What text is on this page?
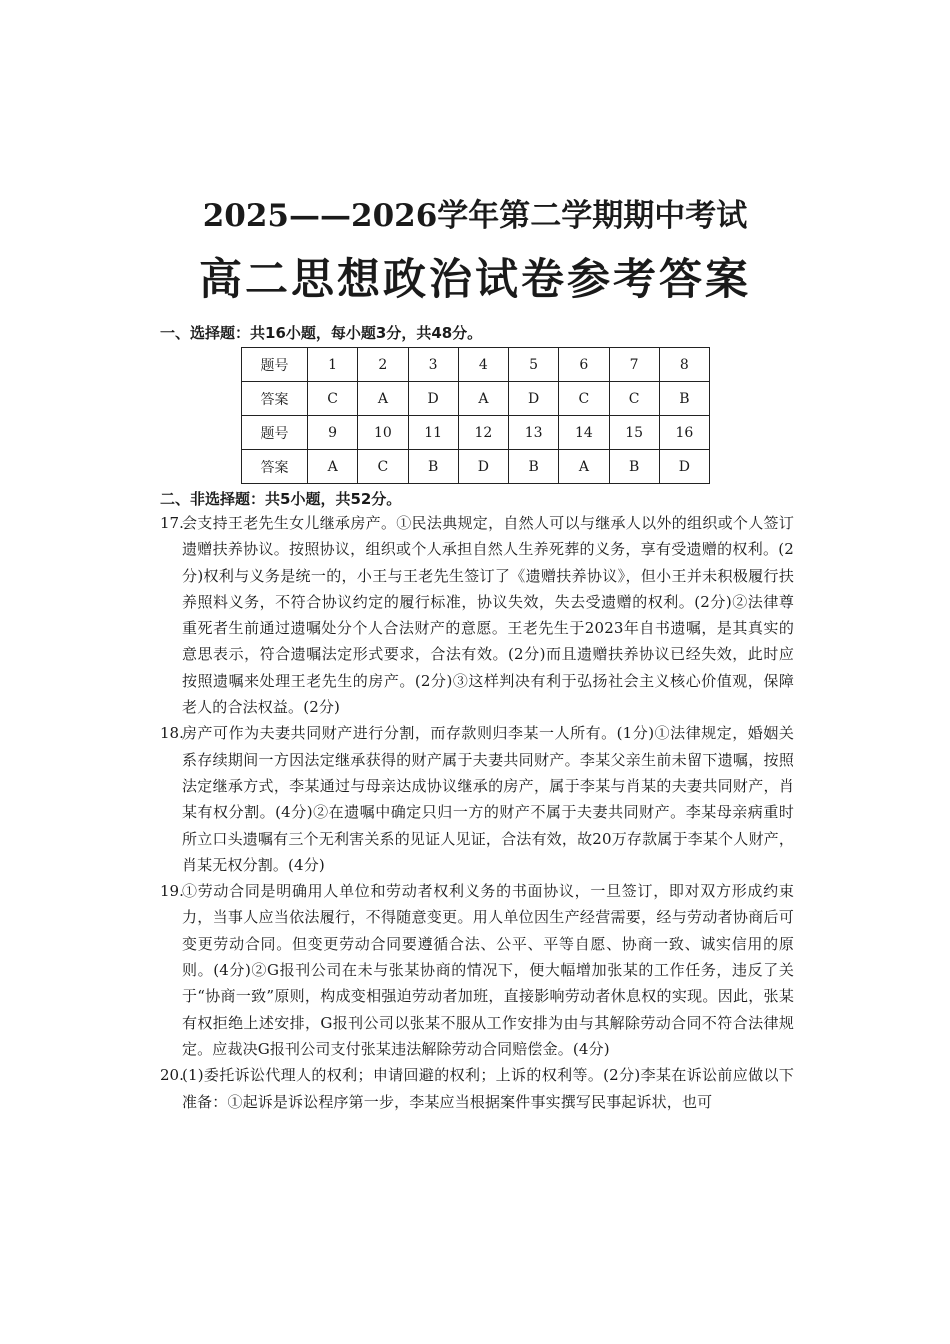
2025——2026学年第二学期期中考试
高二思想政治试卷参考答案
一、选择题：共16小题，每小题3分，共48分。
题号	1	2	3	4	5	6	7	8
答案	C	A	D	A	D	C	C	B
题号	9	10	11	12	13	14	15	16
答案	A	C	B	D	B	A	B	D
二、非选择题：共5小题，共52分。
17.
会支持王老先生女儿继承房产。①民法典规定，自然人可以与继承人以外的组织或个人签订遗赠扶养协议。按照协议，组织或个人承担自然人生养死葬的义务，享有受遗赠的权利。(2分)权利与义务是统一的，小王与王老先生签订了《遗赠扶养协议》，但小王并未积极履行扶养照料义务，不符合协议约定的履行标准，协议失效，失去受遗赠的权利。(2分)②法律尊重死者生前通过遗嘱处分个人合法财产的意愿。王老先生于2023年自书遗嘱，是其真实的意思表示，符合遗嘱法定形式要求，合法有效。(2分)而且遗赠扶养协议已经失效，此时应按照遗嘱来处理王老先生的房产。(2分)③这样判决有利于弘扬社会主义核心价值观，保障老人的合法权益。(2分)
18.
房产可作为夫妻共同财产进行分割，而存款则归李某一人所有。(1分)①法律规定，婚姻关系存续期间一方因法定继承获得的财产属于夫妻共同财产。李某父亲生前未留下遗嘱，按照法定继承方式，李某通过与母亲达成协议继承的房产，属于李某与肖某的夫妻共同财产，肖某有权分割。(4分)②在遗嘱中确定只归一方的财产不属于夫妻共同财产。李某母亲病重时所立口头遗嘱有三个无利害关系的见证人见证，合法有效，故20万存款属于李某个人财产，肖某无权分割。(4分)
19.
①劳动合同是明确用人单位和劳动者权利义务的书面协议，一旦签订，即对双方形成约束力，当事人应当依法履行，不得随意变更。用人单位因生产经营需要，经与劳动者协商后可变更劳动合同。但变更劳动合同要遵循合法、公平、平等自愿、协商一致、诚实信用的原则。(4分)②G报刊公司在未与张某协商的情况下，便大幅增加张某的工作任务，违反了关于“协商一致”原则，构成变相强迫劳动者加班，直接影响劳动者休息权的实现。因此，张某有权拒绝上述安排，G报刊公司以张某不服从工作安排为由与其解除劳动合同不符合法律规定。应裁决G报刊公司支付张某违法解除劳动合同赔偿金。(4分)
20.
(1)委托诉讼代理人的权利；申请回避的权利；上诉的权利等。(2分)李某在诉讼前应做以下准备：①起诉是诉讼程序第一步，李某应当根据案件事实撰写民事起诉状，也可
